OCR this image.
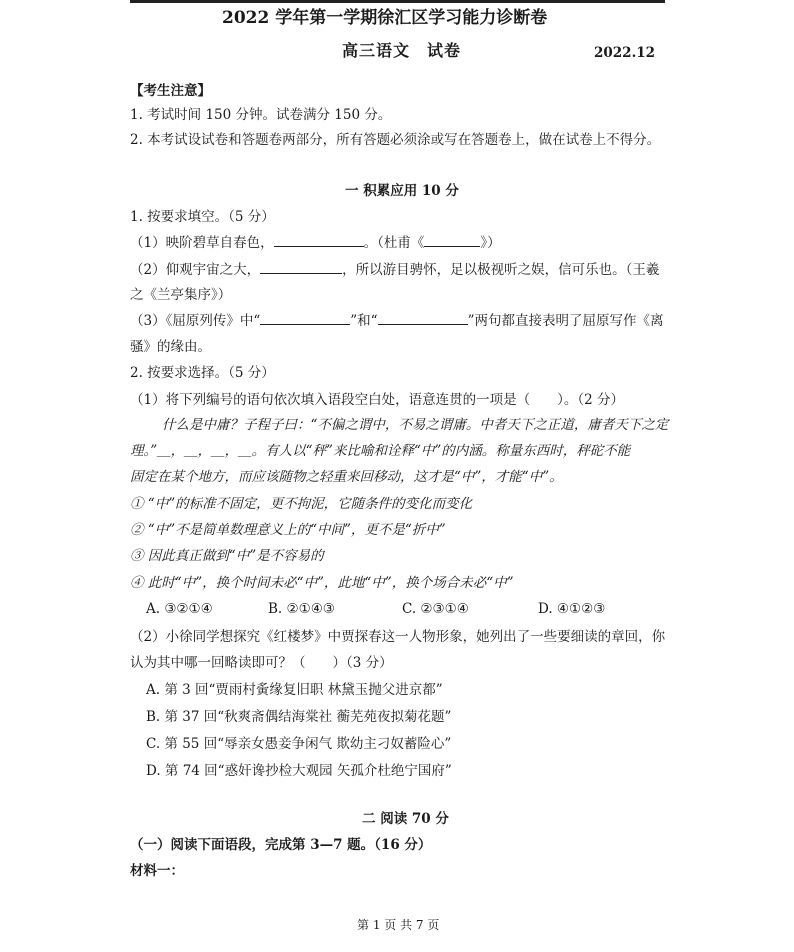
2022 学年第一学期徐汇区学习能力诊断卷
高三语文　试卷	2022.12
【考生注意】
1. 考试时间 150 分钟。试卷满分 150 分。
2. 本考试设试卷和答题卷两部分，所有答题必须涂或写在答题卷上，做在试卷上不得分。
一 积累应用 10 分
1. 按要求填空。（5 分）
（1）映阶碧草自春色，	。（杜甫《	》）
（2）仰观宇宙之大，	，所以游目骋怀，足以极视听之娱，信可乐也。（王羲
之《兰亭集序》）
（3）《屈原列传》中“	”和“	”两句都直接表明了屈原写作《离
骚》的缘由。
2. 按要求选择。（5 分）
（1）将下列编号的语句依次填入语段空白处，语意连贯的一项是（　　）。（2 分）
什么是中庸？子程子曰：“不偏之谓中，不易之谓庸。中者天下之正道，庸者天下之定
理。”＿，＿，＿，＿。有人以“秤”来比喻和诠释“中”的内涵。称量东西时，秤砣不能
固定在某个地方，而应该随物之轻重来回移动，这才是“中”，才能“中”。
① “中”的标准不固定，更不拘泥，它随条件的变化而变化
② “中”不是简单数理意义上的“中间”，更不是“折中”
③ 因此真正做到“中”是不容易的
④ 此时“中”，换个时间未必“中”，此地“中”，换个场合未必“中”
A. ③②①④	B. ②①④③	C. ②③①④	D. ④①②③
（2）小徐同学想探究《红楼梦》中贾探春这一人物形象，她列出了一些要细读的章回，你
认为其中哪一回略读即可？（　　）（3 分）
A. 第 3 回“贾雨村夤缘复旧职 林黛玉抛父进京都”
B. 第 37 回“秋爽斋偶结海棠社 蘅芜苑夜拟菊花题”
C. 第 55 回“辱亲女愚妾争闲气 欺幼主刁奴蓄险心”
D. 第 74 回“惑奸谗抄检大观园 矢孤介杜绝宁国府”
二 阅读 70 分
（一）阅读下面语段，完成第 3—7 题。（16 分）
材料一：
第 1 页 共 7 页
